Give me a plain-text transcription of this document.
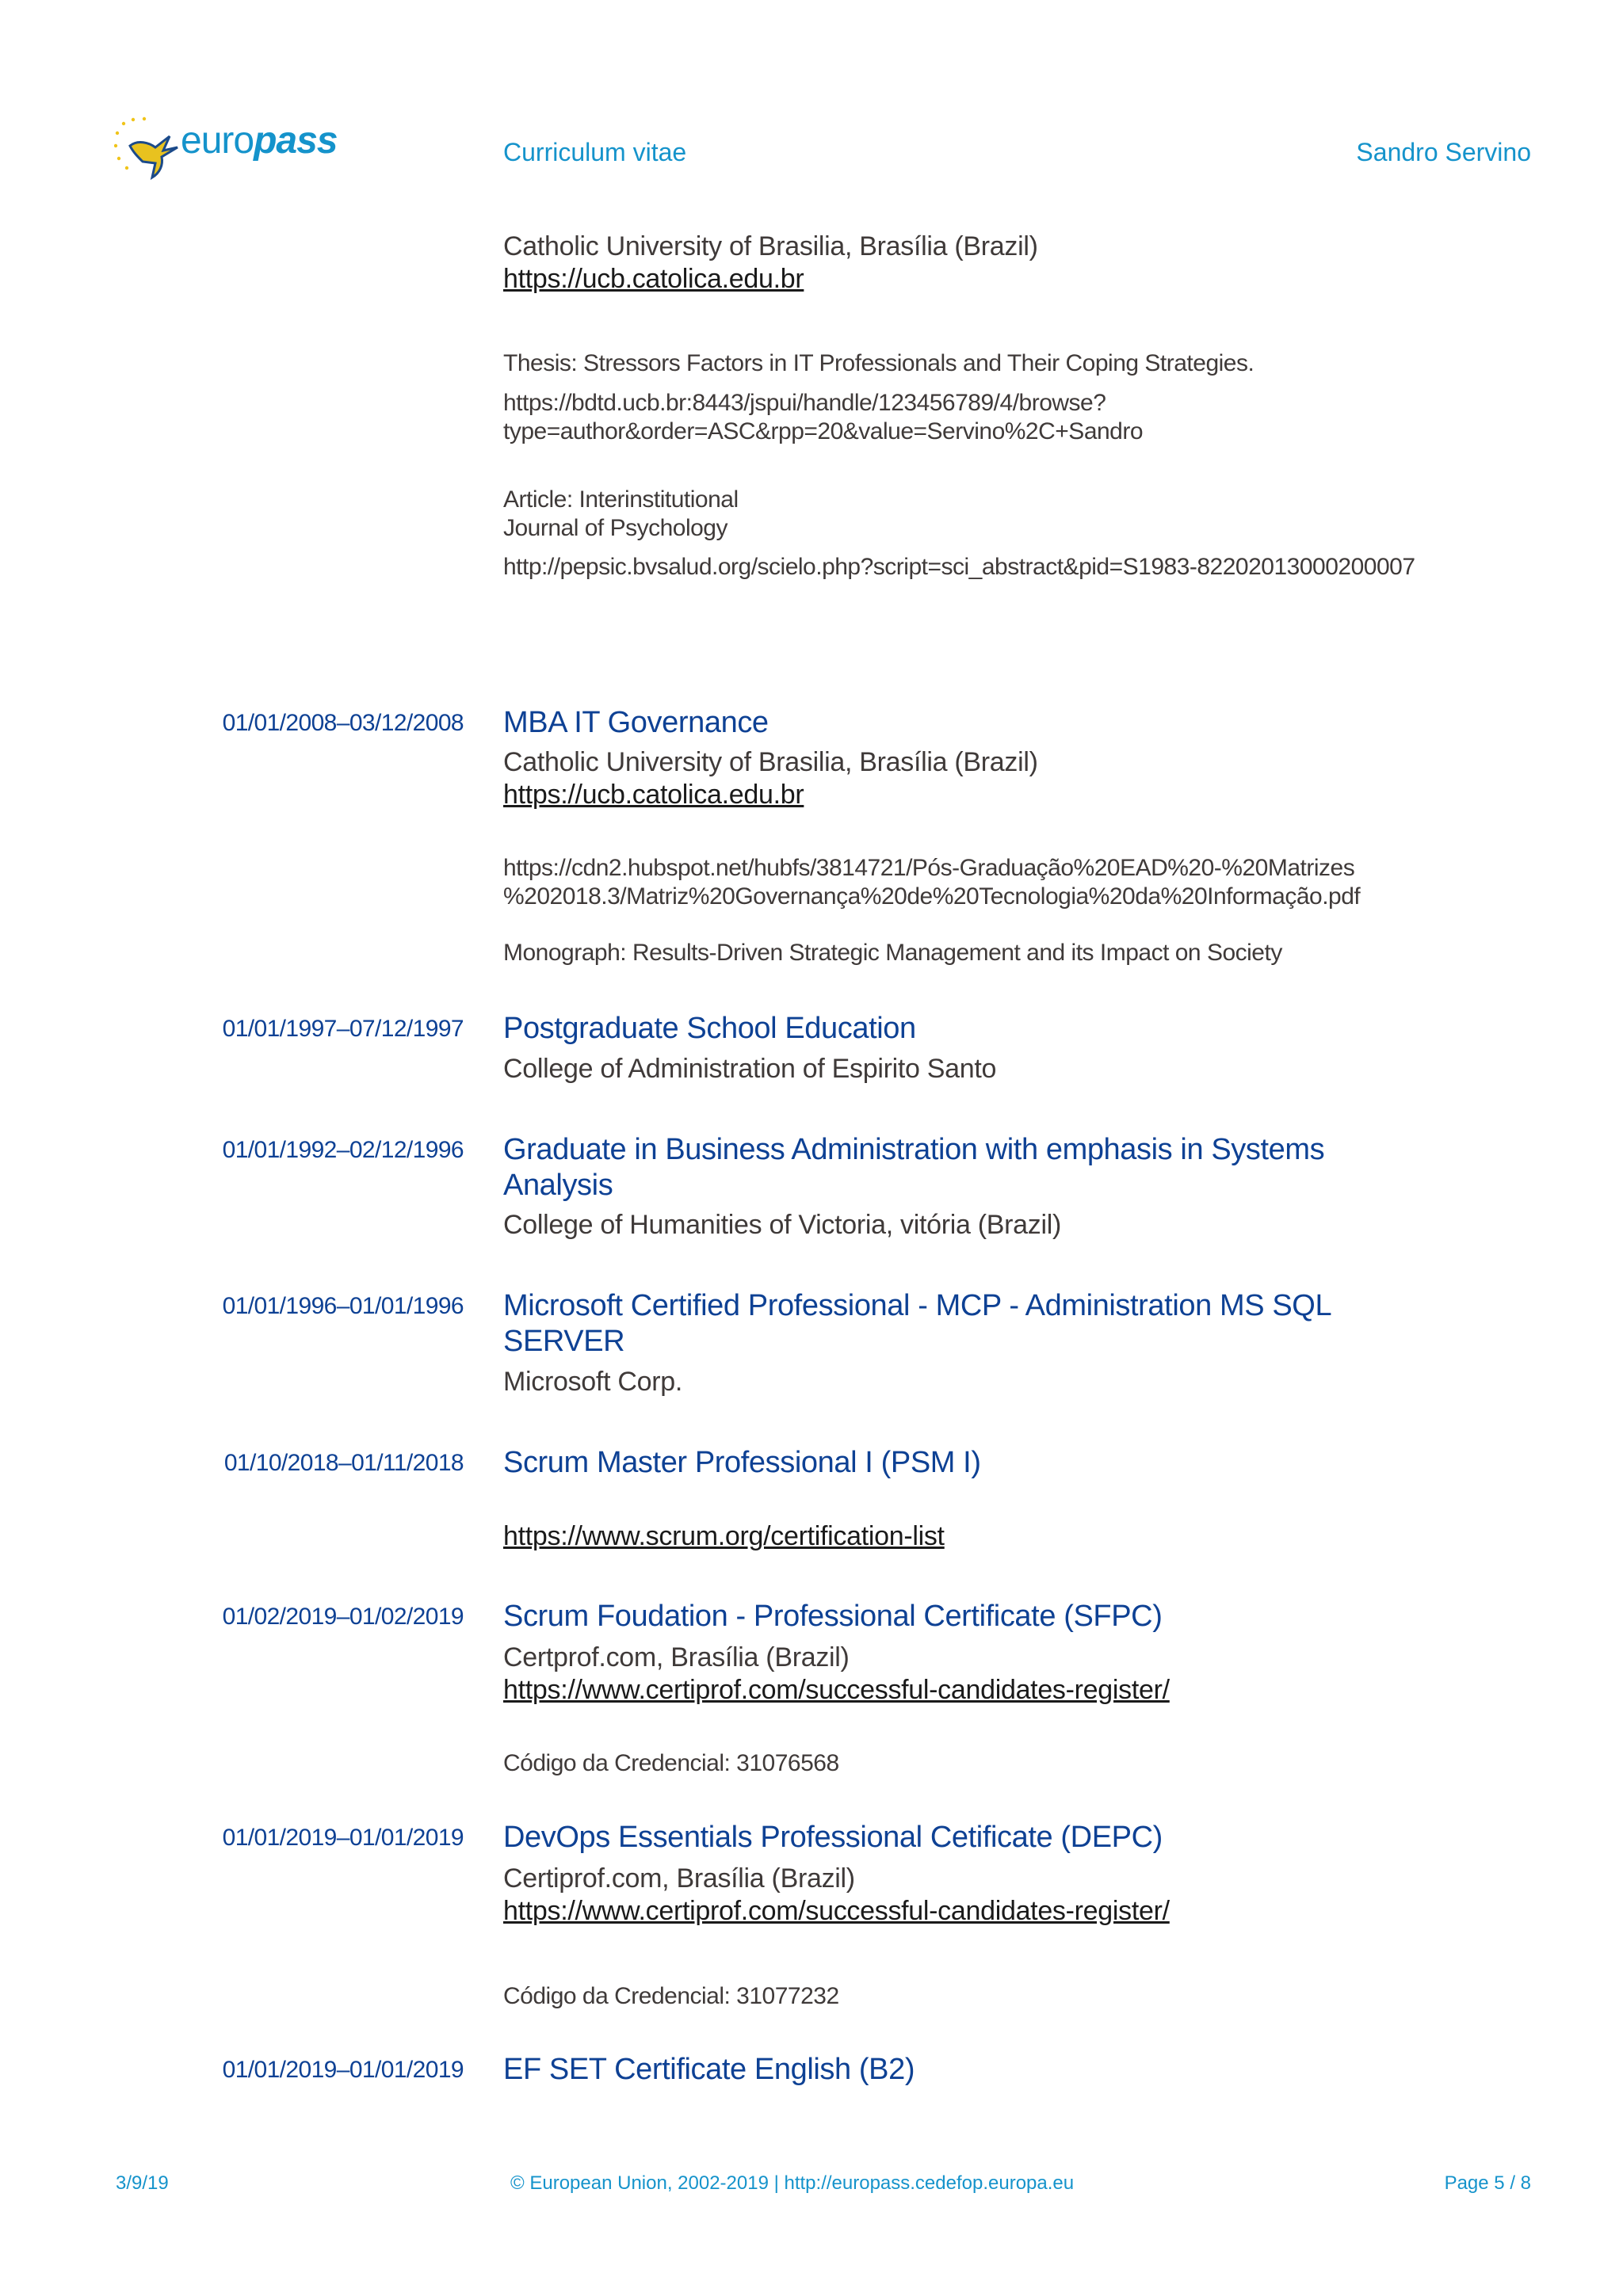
europass	Curriculum vitae	Sandro Servino
Catholic University of Brasilia, Brasília (Brazil)
https://ucb.catolica.edu.br
Thesis: Stressors Factors in IT Professionals and Their Coping Strategies.
https://bdtd.ucb.br:8443/jspui/handle/123456789/4/browse?
type=author&order=ASC&rpp=20&value=Servino%2C+Sandro
Article: Interinstitutional
Journal of Psychology
http://pepsic.bvsalud.org/scielo.php?script=sci_abstract&pid=S1983-82202013000200007
01/01/2008–03/12/2008 MBA IT Governance
Catholic University of Brasilia, Brasília (Brazil)
https://ucb.catolica.edu.br
https://cdn2.hubspot.net/hubfs/3814721/Pós-Graduação%20EAD%20-%20Matrizes
%202018.3/Matriz%20Governança%20de%20Tecnologia%20da%20Informação.pdf
Monograph: Results-Driven Strategic Management and its Impact on Society
01/01/1997–07/12/1997 Postgraduate School Education
College of Administration of Espirito Santo
01/01/1992–02/12/1996 Graduate in Business Administration with emphasis in Systems
Analysis
College of Humanities of Victoria, vitória (Brazil)
01/01/1996–01/01/1996 Microsoft Certified Professional - MCP - Administration MS SQL
SERVER
Microsoft Corp.
01/10/2018–01/11/2018 Scrum Master Professional I (PSM I)
https://www.scrum.org/certification-list
01/02/2019–01/02/2019 Scrum Foudation - Professional Certificate (SFPC)
Certprof.com, Brasília (Brazil)
https://www.certiprof.com/successful-candidates-register/
Código da Credencial: 31076568
01/01/2019–01/01/2019 DevOps Essentials Professional Cetificate (DEPC)
Certiprof.com, Brasília (Brazil)
https://www.certiprof.com/successful-candidates-register/
Código da Credencial: 31077232
01/01/2019–01/01/2019 EF SET Certificate English (B2)
3/9/19	© European Union, 2002-2019 | http://europass.cedefop.europa.eu	Page 5 / 8
